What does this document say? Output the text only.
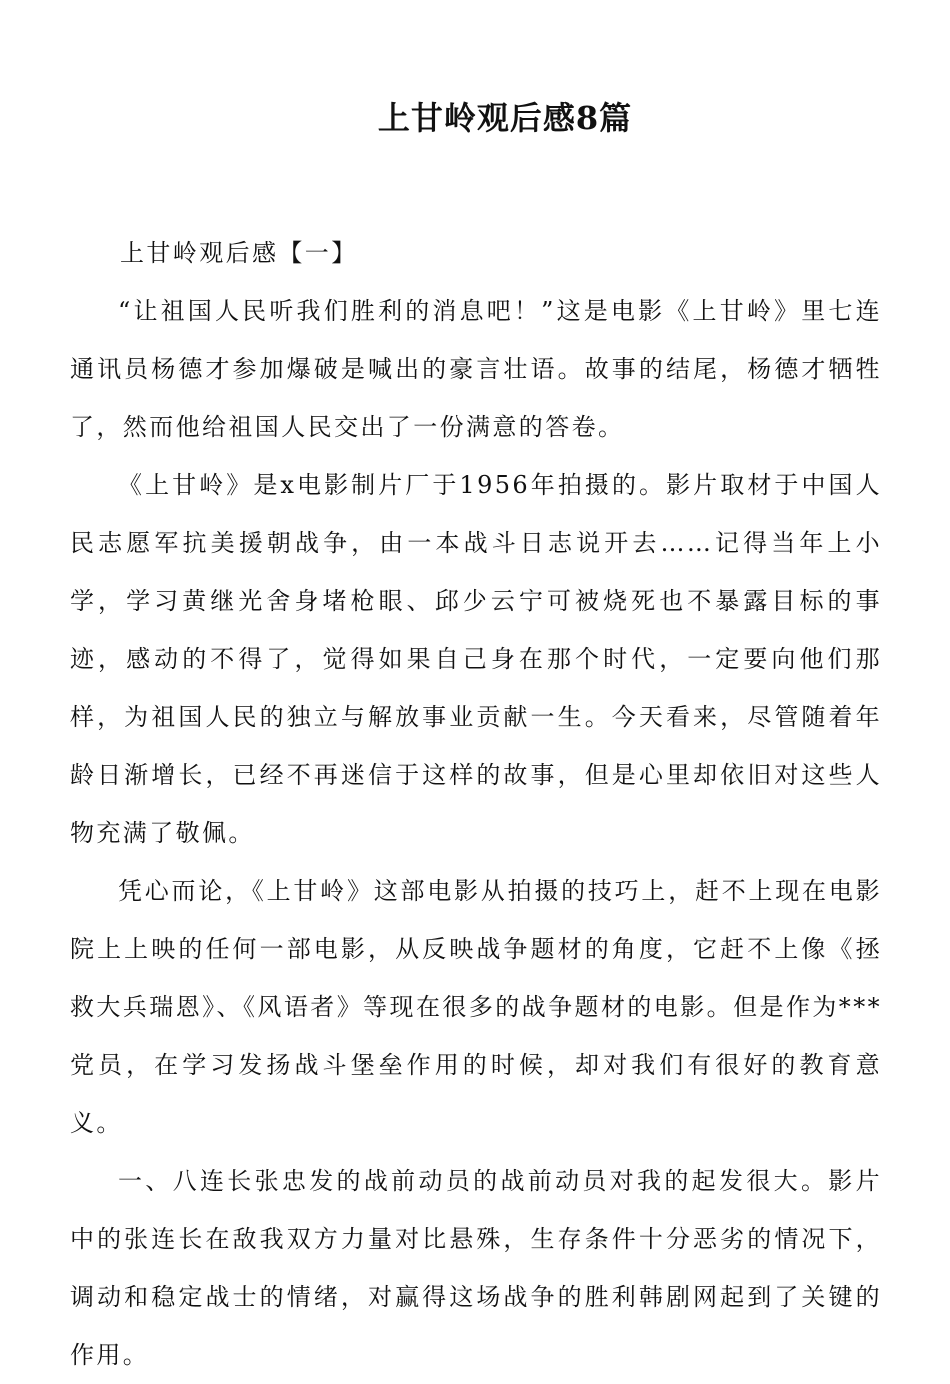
上甘岭观后感8篇

上甘岭观后感【一】

“让祖国人民听我们胜利的消息吧！”这是电影《上甘岭》里七连通讯员杨德才参加爆破是喊出的豪言壮语。故事的结尾，杨德才牺牲了，然而他给祖国人民交出了一份满意的答卷。

《上甘岭》是x电影制片厂于1956年拍摄的。影片取材于中国人民志愿军抗美援朝战争，由一本战斗日志说开去……记得当年上小学，学习黄继光舍身堵枪眼、邱少云宁可被烧死也不暴露目标的事迹，感动的不得了，觉得如果自己身在那个时代，一定要向他们那样，为祖国人民的独立与解放事业贡献一生。今天看来，尽管随着年龄日渐增长，已经不再迷信于这样的故事，但是心里却依旧对这些人物充满了敬佩。

凭心而论，《上甘岭》这部电影从拍摄的技巧上，赶不上现在电影院上上映的任何一部电影，从反映战争题材的角度，它赶不上像《拯救大兵瑞恩》、《风语者》等现在很多的战争题材的电影。但是作为***党员，在学习发扬战斗堡垒作用的时候，却对我们有很好的教育意义。

一、八连长张忠发的战前动员的战前动员对我的起发很大。影片中的张连长在敌我双方力量对比悬殊，生存条件十分恶劣的情况下，调动和稳定战士的情绪，对赢得这场战争的胜利韩剧网起到了关键的作用。
